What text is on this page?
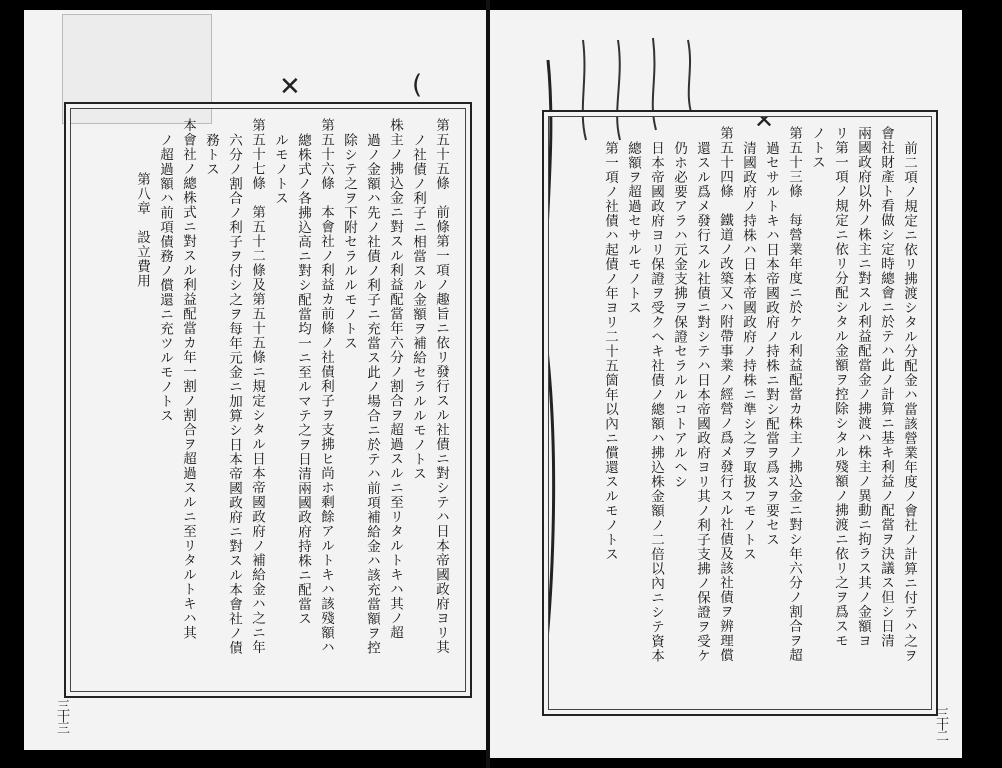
✕	(
第五十五條　前條第一項ノ趣旨ニ依リ發行スル社債ニ對シテハ日本帝國政府ヨリ其
ノ社債ノ利子ニ相當スル金額ヲ補給セラルルモノトス
株主ノ拂込金ニ對スル利益配當年六分ノ割合ヲ超過スルニ至リタルトキハ其ノ超
過ノ金額ハ先ノ社債ノ利子ニ充當ス此ノ場合ニ於テハ前項補給金ハ該充當額ヲ控
除シテ之ヲ下附セラルルモノトス
第五十六條　本會社ノ利益カ前條ノ社債利子ヲ支拂ヒ尚ホ剩餘アルトキハ該殘額ハ
總株式ノ各拂込高ニ對シ配當均一ニ至ルマテ之ヲ日清兩國政府持株ニ配當ス
ルモノトス
第五十七條　第五十二條及第五十五條ニ規定シタル日本帝國政府ノ補給金ハ之ニ年
六分ノ割合ノ利子ヲ付シ之ヲ每年元金ニ加算シ日本帝國政府ニ對スル本會社ノ債
務トス
本會社ノ總株式ニ對スル利益配當カ年一割ノ割合ヲ超過スルニ至リタルトキハ其
ノ超過額ハ前項債務ノ償還ニ充ツルモノトス
第八章　設立費用
三十三
✕
前二項ノ規定ニ依リ拂渡シタル分配金ハ當該營業年度ノ會社ノ計算ニ付テハ之ヲ
會社財產ト看做シ定時總會ニ於テハ此ノ計算ニ基キ利益ノ配當ヲ決議ス但シ日清
兩國政府以外ノ株主ニ對スル利益配當金ノ拂渡ハ株主ノ異動ニ拘ラス其ノ金額ヨ
リ第一項ノ規定ニ依リ分配シタル金額ヲ控除シタル殘額ノ拂渡ニ依リ之ヲ爲スモ
ノトス
第五十三條　每營業年度ニ於ケル利益配當カ株主ノ拂込金ニ對シ年六分ノ割合ヲ超
過セサルトキハ日本帝國政府ノ持株ニ對シ配當ヲ爲スヲ要セス
清國政府ノ持株ハ日本帝國政府ノ持株ニ準シ之ヲ取扱フモノトス
第五十四條　鐵道ノ改築又ハ附帶事業ノ經營ノ爲メ發行スル社債及該社債ヲ辨理償
還スル爲メ發行スル社債ニ對シテハ日本帝國政府ヨリ其ノ利子支拂ノ保證ヲ受ケ
仍ホ必要アラハ元金支拂ヲ保證セラルルコトアルヘシ
日本帝國政府ヨリ保證ヲ受クヘキ社債ノ總額ハ拂込株金額ノ二倍以內ニシテ資本
總額ヲ超過セサルモノトス
第一項ノ社債ハ起債ノ年ヨリ二十五箇年以內ニ償還スルモノトス
三十二
